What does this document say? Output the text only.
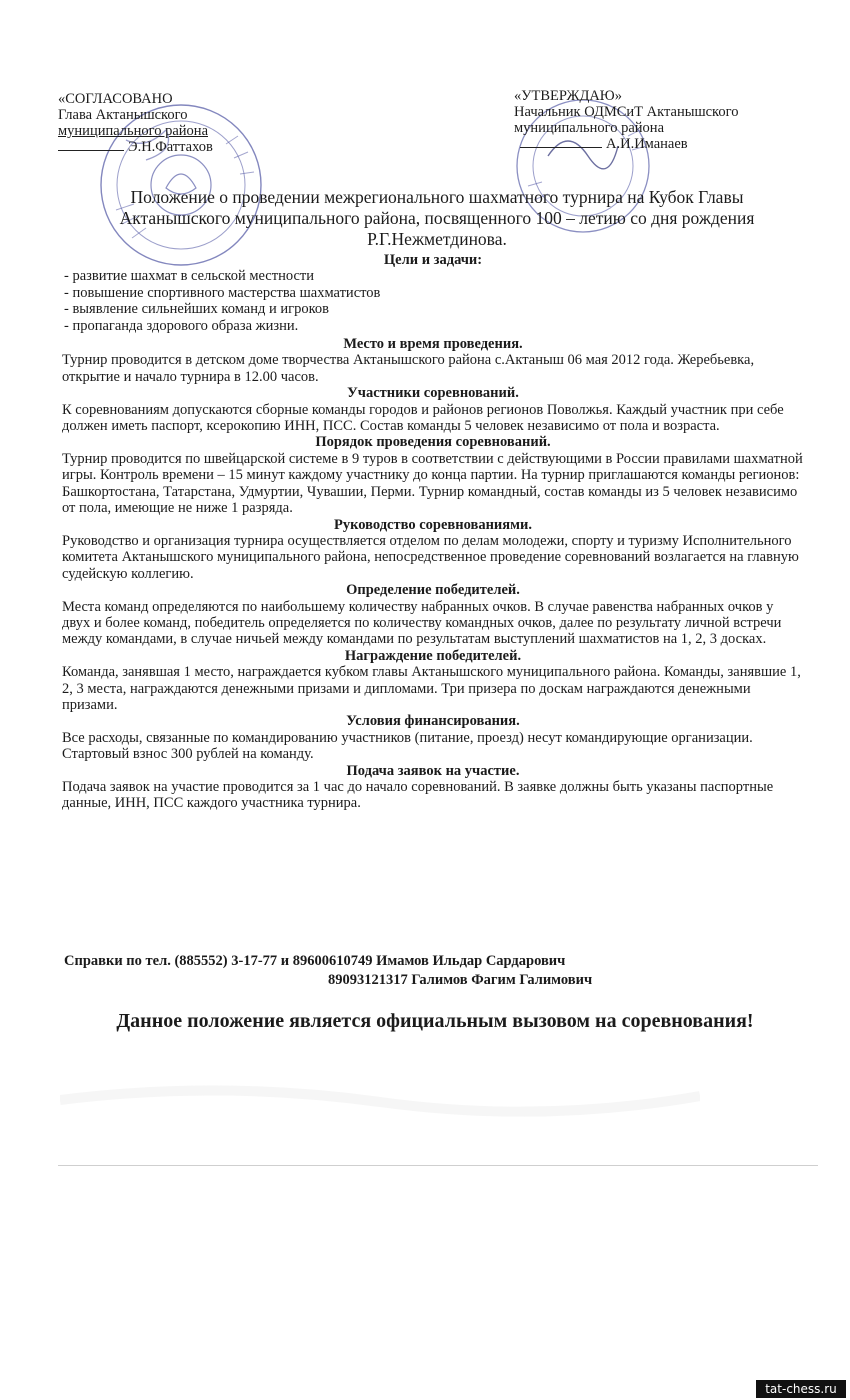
«СОГЛАСОВАНО
Глава Актанышского
муниципального района
Э.Н.Фаттахов
«УТВЕРЖДАЮ»
Начальник ОДМСиТ Актанышского
муниципального района
А.И.Иманаев
Положение о проведении межрегионального шахматного турнира на Кубок Главы
Актанышского муниципального района, посвященного 100 – летию со дня рождения
Р.Г.Нежметдинова.
Цели и задачи:
- развитие шахмат в сельской местности
- повышение спортивного мастерства шахматистов
- выявление сильнейших команд и игроков
- пропаганда здорового образа жизни.
Место и время проведения.
Турнир проводится в детском доме творчества Актанышского района с.Актаныш 06 мая 2012 года. Жеребьевка, открытие и начало турнира в 12.00 часов.
Участники соревнований.
К соревнованиям допускаются сборные команды городов и районов регионов Поволжья. Каждый участник при себе должен иметь паспорт, ксерокопию ИНН, ПСС. Состав команды 5 человек независимо от пола и возраста.
Порядок проведения соревнований.
Турнир проводится по швейцарской системе в 9 туров в соответствии с действующими в России правилами шахматной игры. Контроль времени – 15 минут каждому участнику до конца партии. На турнир приглашаются команды регионов: Башкортостана, Татарстана, Удмуртии, Чувашии, Перми. Турнир командный, состав команды из 5 человек независимо от пола, имеющие не ниже 1 разряда.
Руководство соревнованиями.
Руководство и организация турнира осуществляется отделом по делам молодежи, спорту и туризму Исполнительного комитета Актанышского муниципального района, непосредственное проведение соревнований возлагается на главную судейскую коллегию.
Определение победителей.
Места команд определяются по наибольшему количеству набранных очков. В случае равенства набранных очков у двух и более команд, победитель определяется по количеству командных очков, далее по результату личной встречи между командами, в случае ничьей между командами по результатам выступлений шахматистов на 1, 2, 3 досках.
Награждение победителей.
Команда, занявшая 1 место, награждается кубком главы Актанышского муниципального района. Команды, занявшие 1, 2, 3 места, награждаются денежными призами и дипломами. Три призера по доскам награждаются денежными призами.
Условия финансирования.
Все расходы, связанные по командированию участников (питание, проезд) несут командирующие организации. Стартовый взнос 300 рублей на команду.
Подача заявок на участие.
Подача заявок на участие проводится за 1 час до начало соревнований. В заявке должны быть указаны паспортные данные, ИНН, ПСС каждого участника турнира.
Справки по тел. (885552) 3-17-77 и 89600610749 Имамов Ильдар Сардарович
89093121317 Галимов Фагим Галимович
Данное положение является официальным вызовом на соревнования!
tat-chess.ru
